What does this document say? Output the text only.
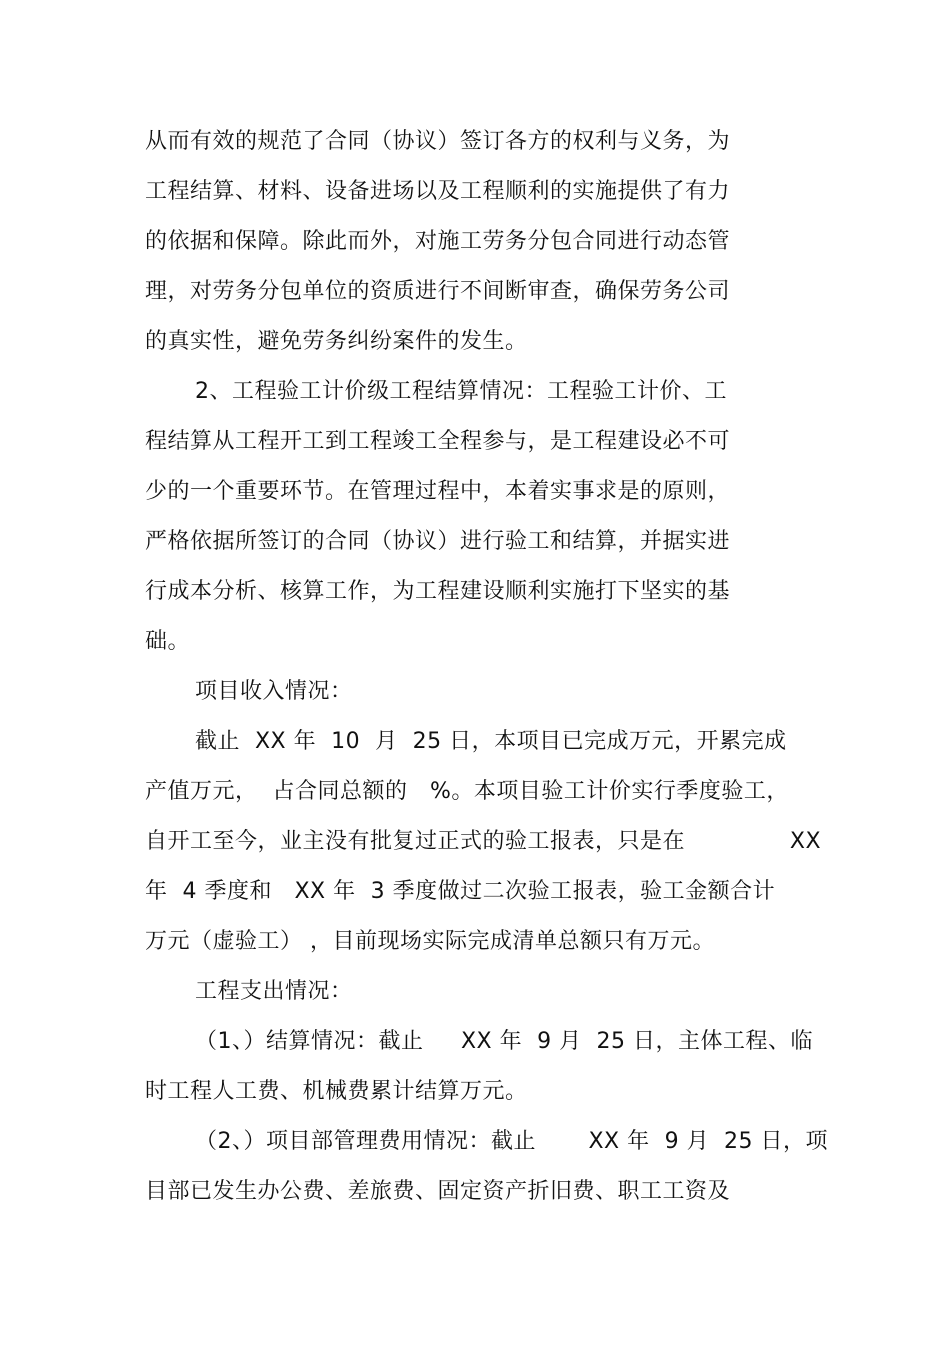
从而有效的规范了合同（协议）签订各方的权利与义务，为
工程结算、材料、设备进场以及工程顺利的实施提供了有力
的依据和保障。除此而外，对施工劳务分包合同进行动态管
理，对劳务分包单位的资质进行不间断审查，确保劳务公司
的真实性，避免劳务纠纷案件的发生。
2、工程验工计价级工程结算情况：工程验工计价、工
程结算从工程开工到工程竣工全程参与，是工程建设必不可
少的一个重要环节。在管理过程中，本着实事求是的原则，
严格依据所签订的合同（协议）进行验工和结算，并据实进
行成本分析、核算工作，为工程建设顺利实施打下坚实的基
础。
项目收入情况：
截止  XX 年  10  月  25 日，本项目已完成万元，开累完成
产值万元，  占合同总额的   %。本项目验工计价实行季度验工，
自开工至今，业主没有批复过正式的验工报表，只是在              XX
年  4 季度和   XX 年  3 季度做过二次验工报表，验工金额合计
万元（虚验工） ，目前现场实际完成清单总额只有万元。
工程支出情况：
（1、）结算情况：截止     XX 年  9 月  25 日，主体工程、临
时工程人工费、机械费累计结算万元。
（2、）项目部管理费用情况：截止       XX 年  9 月  25 日，项
目部已发生办公费、差旅费、固定资产折旧费、职工工资及
